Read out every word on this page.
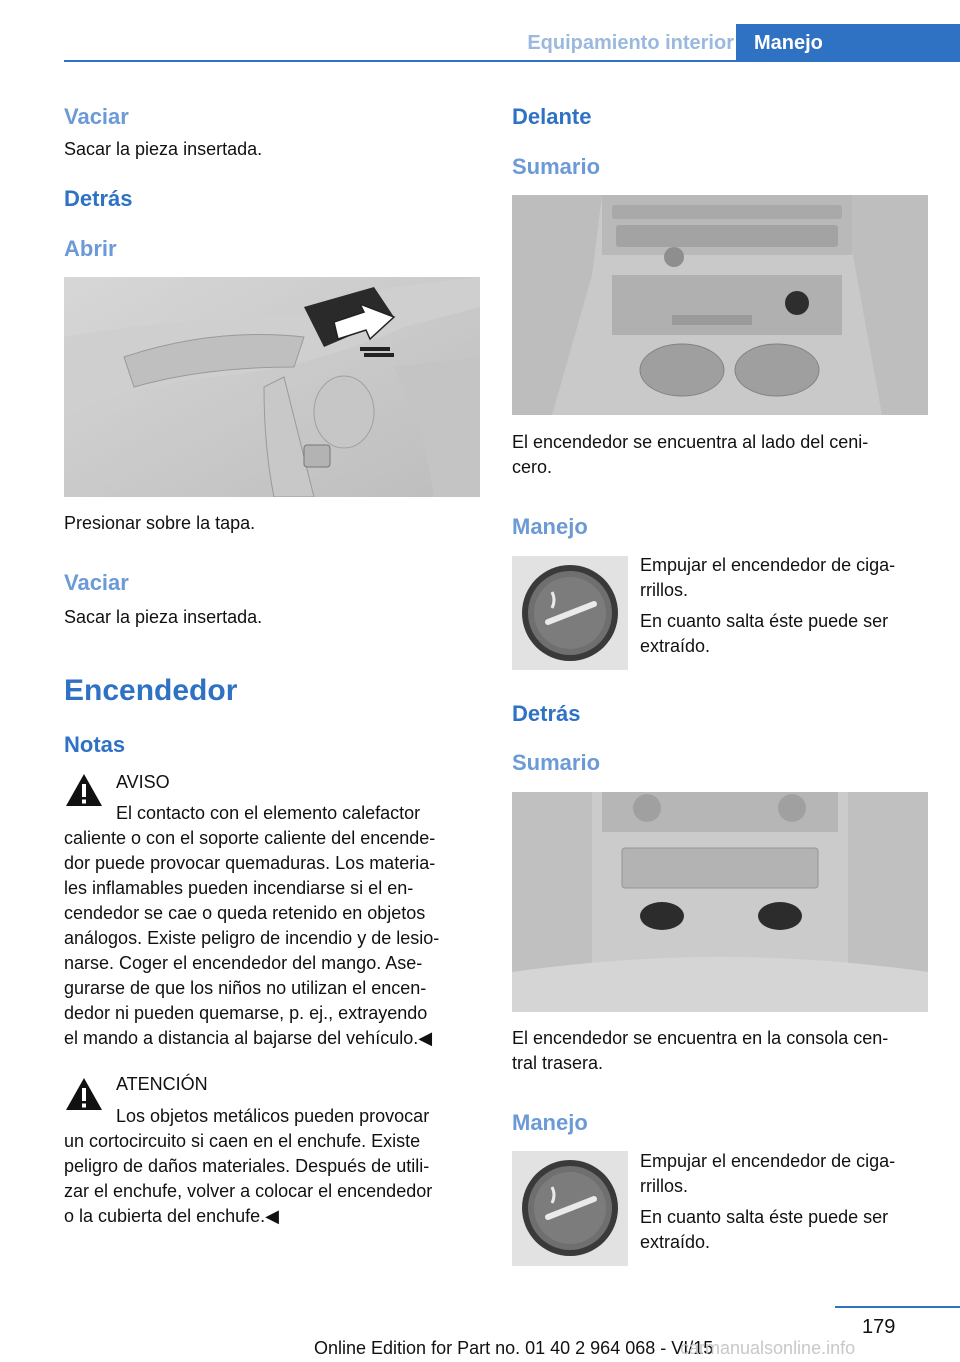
Equipamiento interior	Manejo
Vaciar
Sacar la pieza insertada.
Detrás
Abrir
Presionar sobre la tapa.
Vaciar
Sacar la pieza insertada.
Encendedor
Notas
AVISO
El contacto con el elemento calefactor
caliente o con el soporte caliente del encende‐
dor puede provocar quemaduras. Los materia‐
les inflamables pueden incendiarse si el en‐
cendedor se cae o queda retenido en objetos
análogos. Existe peligro de incendio y de lesio‐
narse. Coger el encendedor del mango. Ase‐
gurarse de que los niños no utilizan el encen‐
dedor ni pueden quemarse, p. ej., extrayendo
el mando a distancia al bajarse del vehículo.◀
ATENCIÓN
Los objetos metálicos pueden provocar
un cortocircuito si caen en el enchufe. Existe
peligro de daños materiales. Después de utili‐
zar el enchufe, volver a colocar el encendedor
o la cubierta del enchufe.◀
Delante
Sumario
El encendedor se encuentra al lado del ceni‐
cero.
Manejo
Empujar el encendedor de ciga‐
rrillos.
En cuanto salta éste puede ser
extraído.
Detrás
Sumario
El encendedor se encuentra en la consola cen‐
tral trasera.
Manejo
Empujar el encendedor de ciga‐
rrillos.
En cuanto salta éste puede ser
extraído.
179
Online Edition for Part no. 01 40 2 964 068 - VI/15
carmanualsonline.info
